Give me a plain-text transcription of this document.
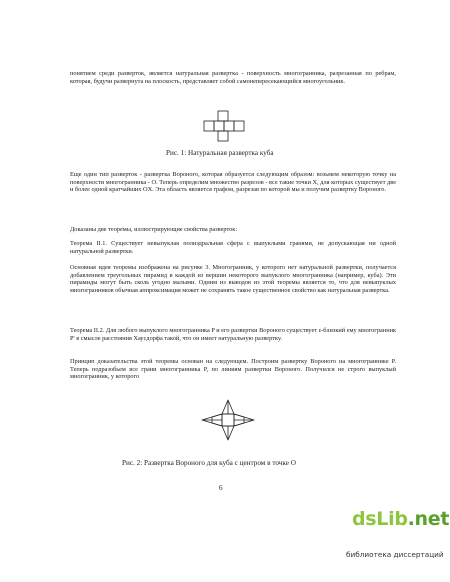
понятием среди разверток, является натуральная развертка - поверхность многогранника, разрезанная по ребрам, которая, будучи развернута на плоскость, представляет собой самонепересекающийся многоугольник.

Рис. 1: Натуральная развертка куба

Еще один тип разверток - развертка Вороного, которая образуется следующим образом: возьмем некоторую точку на поверхности многогранника - O. Теперь определим множество разрезов - все такие точки X, для которых существует две и более одной кратчайших OX. Эта область является графом, разрезав по которой мы и получим развертку Вороного.

Доказаны две теоремы, иллюстрирующие свойства разверток:

Теорема II.1. Существует невыпуклая полиэдральная сфера с выпуклыми гранями, не допускающая ни одной натуральной развертки.

Основная идея теоремы изображена на рисунке 3. Многогранник, у которого нет натуральной развертки, получается добавлением треугольных пирамид в каждой из вершин некоторого выпуклого многогранника (например, куба). Эти пирамиды могут быть сколь угодно малыми. Одним из выводов из этой теоремы является то, что для невыпуклых многогранников обычная аппроксимация может не сохранять такое существенное свойство как натуральная развертка.

Теорема II.2. Для любого выпуклого многогранника P и его развертки Вороного существует ε-близкий ему многогранник P' в смысле расстояния Хаусдорфа такой, что он имеет натуральную развертку.

Принцип доказательства этой теоремы основан на следующем. Построим развертку Вороного на многограннике P. Теперь подразобьем все грани многогранника P, по линиям развертки Вороного. Получился не строго выпуклый многогранник, у которого

Рис. 2: Развертка Вороного для куба с центром в точке O

6
dsLib.net
библиотека диссертаций
